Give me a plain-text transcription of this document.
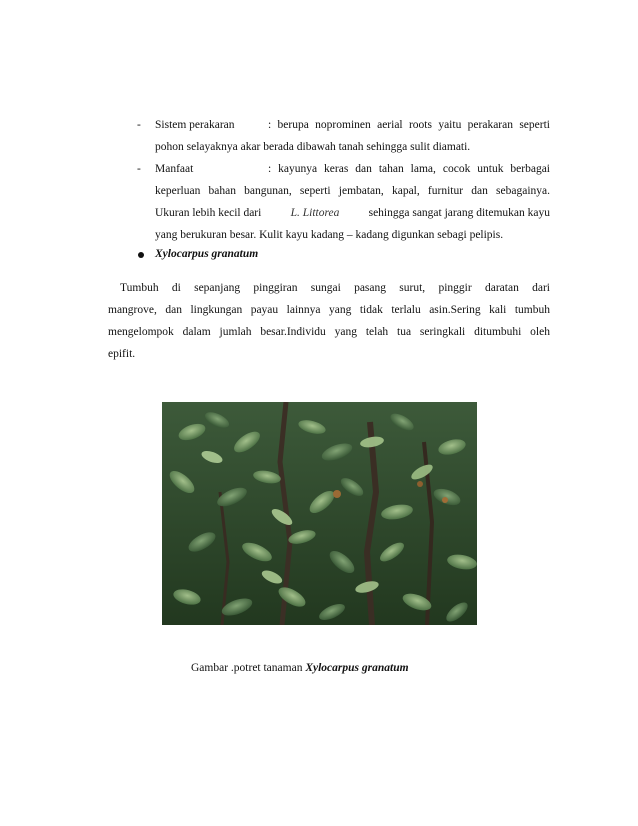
- Sistem perakaran	: berupa noprominen aerial roots yaitu perakaran seperti
pohon selayaknya akar berada dibawah tanah sehingga sulit diamati.
- Manfaat	: kayunya keras dan tahan lama, cocok untuk berbagai
keperluan bahan bangunan, seperti jembatan, kapal, furnitur dan sebagainya.
Ukuran lebih kecil dari	L. Littorea	sehingga sangat jarang ditemukan kayu
yang berukuran besar. Kulit kayu kadang – kadang digunkan sebagi pelipis.
Xylocarpus granatum
Tumbuh di sepanjang pinggiran sungai pasang surut, pinggir daratan dari
mangrove, dan lingkungan payau lainnya yang tidak terlalu asin.Sering kali tumbuh
mengelompok dalam jumlah besar.Individu yang telah tua seringkali ditumbuhi oleh
epifit.
Gambar .potret tanaman Xylocarpus granatum
